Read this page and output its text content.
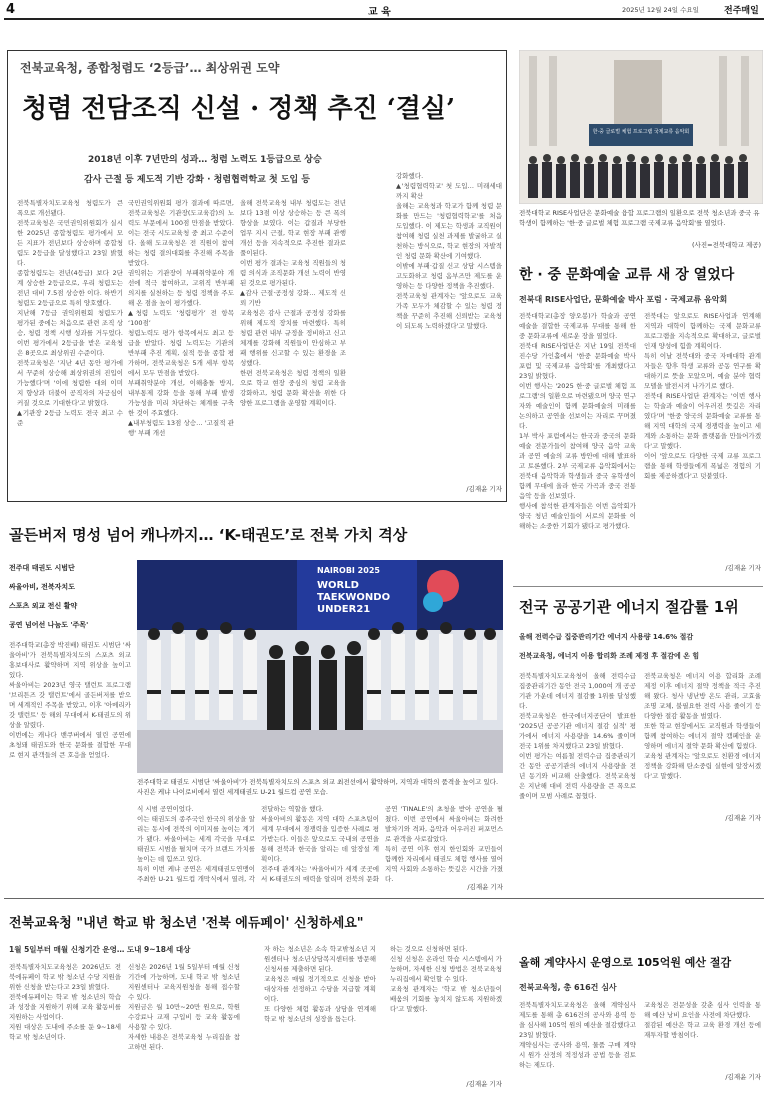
4	교 육	2025년 12월 24일 수요일	전주매일
전북교육청, 종합청렴도 ‘2등급’… 최상위권 도약
청렴 전담조직 신설 · 정책 추진 ‘결실’
2018년 이후 7년만의 성과… 청렴 노력도 1등급으로 상승
감사 근절 등 제도적 기반 강화 · 청렴협력학교 첫 도입 등
전북특별자치도교육청 청렴도가 큰 폭으로 개선됐다.
전북교육청은 국민권익위원회가 실시한 2025년 종합청렴도 평가에서 모든 지표가 전년보다 상승하며 종합청렴도 2등급을 달성했다고 23일 밝혔다.
종합청렴도는 전년(4등급) 보다 2단계 상승한 2등급으로, 우리 청렴도는 전년 대비 7.5점 상승한 이다. 하반기 청렴도 2등급으로 특히 양호했다.
지난해 7등급 권익위원회 청렴도가 평가된 중에는 처음으로 관련 조직 상승, 청렴 정책 시행 성과를 거두었다. 이번 평가에서 2등급을 받은 교육청은 8곳으로 최상위권 수준이다.
전북교육청은 '지난 4년 동안 평가에서 꾸준히 상승해 최상위권의 진입이 가능했다'며 '이에 청렴한 대외 이미지 향상과 더불어 공직자의 자긍심이 커질 것으로 기대한다'고 밝혔다.
▲기관장 2등급 노력도 전국 최고 수준
국민권익위원회 평가 결과에 따르면, 전북교육청은 기관장(도교육감)의 노력도 부문에서 100점 만점을 받았다. 이는 전국 시도교육청 중 최고 수준이다. 올해 도교육청은 전 직원이 참여하는 청렴 결의대회를 추진해 주목을 받았다.
권익위는 기관장이 부패취약분야 개선에 적극 참여하고, 고위직 반부패 의지를 실천하는 등 청렴 정책을 주도해 온 점을 높이 평가했다.
▲청렴 노력도 ‘청렴평가’ 전 항목 ‘100점’
청렴노력도 평가 항목에서도 최고 등급을 받았다. 청렴 노력도는 기관의 반부패 추진 계획, 실적 등을 종합 평가하며, 전북교육청은 5개 세부 항목에서 모두 만점을 받았다.
부패취약분야 개선, 이해충돌 방지, 내부통제 강화 등을 통해 부패 발생 가능성을 미리 차단하는 체계를 구축한 것이 주효했다.
▲내부청렴도 13점 상승… '고질적 관행' 부패 개선
올해 전북교육청 내부 청렴도는 전년보다 13점 이상 상승하는 등 큰 폭의 향상을 보였다. 이는 갑질과 부당한 업무 지시 근절, 학교 현장 부패 관행 개선 등을 지속적으로 추진한 결과로 풀이된다.
이번 평가 결과는 교육청 직원들의 청렴 의식과 조직문화 개선 노력이 반영된 것으로 평가된다.
▲감사 근절·공정성 강화… 제도적 신뢰 기반
교육청은 감사 근절과 공정성 강화를 위해 제도적 장치를 마련했다. 특히 청렴 관련 내부 규정을 정비하고 신고 체계를 강화해 직원들이 안심하고 부패 행위를 신고할 수 있는 환경을 조성했다.
한편 전북교육청은 청렴 정책의 일환으로 학교 현장 중심의 청렴 교육을 강화하고, 청렴 문화 확산을 위한 다양한 프로그램을 운영할 계획이다.
강화했다.
▲'청렴협력학교' 첫 도입… 미래세대까지 확산
올해는 교육청과 학교가 함께 청렴 문화를 만드는 '청렴협력학교'를 처음 도입했다. 이 제도는 학생과 교직원이 참여해 청렴 실천 과제를 발굴하고 실천하는 방식으로, 학교 현장의 자발적인 청렴 문화 확산에 기여했다.
이밖에 부패·갑질 신고 상담 시스템을 고도화하고 청렴 옴부즈만 제도를 운영하는 등 다양한 정책을 추진했다.
전북교육청 관계자는 '앞으로도 교육가족 모두가 체감할 수 있는 청렴 정책을 꾸준히 추진해 신뢰받는 교육청이 되도록 노력하겠다'고 말했다.
/김재윤 기자
한·중 글로벌 체험 프로그램 국제교류 음악회
전북대학교 RISE사업단은 문화예술 융합 프로그램의 일환으로 전북 청소년과 중국 유학생이 함께하는 '한·중 글로벌 체험 프로그램 국제교류 음악회'를 열었다.
(사진=전북대학교 제공)
한 · 중 문화예술 교류 새 장 열었다
전북대 RISE사업단, 문화예술 박사 포럼 · 국제교류 음악회
전북대학교(총장 양오봉)가 학술과 공연예술을 결합한 국제교류 무대를 통해 한중 문화교류에 새로운 장을 열었다.
전북대 RISE사업단은 지난 19일 전북대 진수당 가인홀에서 '한중 문화예술 박사 포럼 및 국제교류 음악회'를 개최했다고 23일 밝혔다.
이번 행사는 '2025 한·중 글로벌 체험 프로그램'의 일환으로 마련됐으며 양국 연구자와 예술인이 함께 문화예술의 미래를 논의하고 공연을 선보이는 자리로 꾸며졌다.
1부 박사 포럼에서는 한국과 중국의 문화예술 전문가들이 참여해 양국 음악 교육과 공연 예술의 교류 방안에 대해 발표하고 토론했다. 2부 국제교류 음악회에서는 전북대 음악학과 학생들과 중국 유학생이 함께 무대에 올라 한국 가곡과 중국 전통 음악 등을 선보였다.
행사에 참석한 관계자들은 이번 음악회가 양국 청년 예술인들이 서로의 문화를 이해하는 소중한 기회가 됐다고 평가했다.
전북대는 앞으로도 RISE사업과 연계해 지역과 대학이 함께하는 국제 문화교류 프로그램을 지속적으로 확대하고, 글로벌 인재 양성에 힘쓸 계획이다.
특히 이날 전북대와 중국 자매대학 관계자들은 향후 학생 교류와 공동 연구를 확대하기로 뜻을 모았으며, 예술 분야 협력 모델을 발전시켜 나가기로 했다.
전북대 RISE사업단 관계자는 '이번 행사는 학술과 예술이 어우러진 뜻깊은 자리였다'며 '한중 양국의 문화예술 교류를 통해 지역 대학의 국제 경쟁력을 높이고 세계와 소통하는 문화 플랫폼을 만들어가겠다'고 말했다.
이어 '앞으로도 다양한 국제 교류 프로그램을 통해 학생들에게 폭넓은 경험의 기회를 제공하겠다'고 덧붙였다.
/김재윤 기자
골든버저 명성 넘어 캐나까지… ‘K-태권도’로 전북 가치 격상
전주대 태권도 시범단
싸울아비, 전북자치도
스포츠 외교 전신 활약
공연 넘어선 나눔도 '주목'
전주대학교(총장 박진배) 태권도 시범단 '싸울아비'가 전북특별자치도의 스포츠 외교 홍보대사로 활약하며 지역 위상을 높이고 있다.
싸울아비는 2023년 영국 탤런트 프로그램 '브리튼즈 갓 탤런트'에서 골든버저를 받으며 세계적인 주목을 받았고, 이후 '아메리카 갓 탤런트' 등 해외 무대에서 K-태권도의 위상을 알렸다.
이번에는 캐나다 밴쿠버에서 열린 공연에 초청돼 태권도와 한국 문화를 결합한 무대로 현지 관객들의 큰 호응을 얻었다.
NAIROBI 2025
WORLD TAEKWONDO UNDER21
전주대학교 태권도 시범단 '싸울아비'가 전북특별자치도의 스포츠 외교 최전선에서 활약하며, 지역과 대학의 품격을 높이고 있다. 사진은 케냐 나이로비에서 열린 세계태권도 U-21 월드컵 공연 모습.
식 시범 공연이었다.
이는 태권도의 종주국인 한국의 위상을 알리는 동시에 전북의 이미지를 높이는 계기가 됐다. 싸울아비는 세계 각국을 무대로 태권도 시범을 펼치며 국가 브랜드 가치를 높이는 데 힘쓰고 있다.
특히 이번 케냐 공연은 세계태권도연맹이 주최한 U-21 월드컵 개막식에서 열려, 각

전달하는 역할을 했다.
싸울아비의 활동은 지역 대학 스포츠팀이 세계 무대에서 경쟁력을 입증한 사례로 평가받는다. 이들은 앞으로도 국내외 공연을 통해 전북과 한국을 알리는 데 앞장설 계획이다.
전주대 관계자는 '싸울아비가 세계 곳곳에서 K-태권도의 매력을 알리며 전북의 문화

공연 'TINALE'의 초청을 받아 공연을 펼쳤다. 이번 공연에서 싸울아비는 화려한 발차기와 격파, 음악과 어우러진 퍼포먼스로 관객을 사로잡았다.
특히 공연 이후 현지 한인회와 교민들이 함께한 자리에서 태권도 체험 행사를 열어 지역 사회와 소통하는 뜻깊은 시간을 가졌다.

/김재윤 기자
전국 공공기관 에너지 절감률 1위
올해 전력수급 집중관리기간 에너지 사용량 14.6% 절감
전북교육청, 에너지 이용 합리화 조례 제정 후 절감에 온 힘
전북특별자치도교육청이 올해 전력수급 집중관리기간 동안 전국 1,000여 개 공공기관 가운데 에너지 절감률 1위를 달성했다.
전북교육청은 한국에너지공단이 발표한 '2025년 공공기관 에너지 절감 실적' 평가에서 에너지 사용량을 14.6% 줄이며 전국 1위를 차지했다고 23일 밝혔다.
이번 평가는 여름철 전력수급 집중관리기간 동안 공공기관의 에너지 사용량을 전년 동기와 비교해 산출했다. 전북교육청은 지난해 대비 전력 사용량을 큰 폭으로 줄이며 모범 사례로 꼽혔다.
전북교육청은 에너지 이용 합리화 조례 제정 이후 에너지 절약 정책을 적극 추진해 왔다. 청사 냉난방 온도 관리, 고효율 조명 교체, 불필요한 전력 사용 줄이기 등 다양한 절감 활동을 벌였다.
또한 학교 현장에서도 교직원과 학생들이 함께 참여하는 에너지 절약 캠페인을 운영하며 에너지 절약 문화 확산에 힘썼다.
교육청 관계자는 '앞으로도 친환경 에너지 정책을 강화해 탄소중립 실현에 앞장서겠다'고 말했다.
/김재윤 기자
전북교육청 "내년 학교 밖 청소년 '전북 에듀페이' 신청하세요"
1월 5일부터 매월 신청기간 운영… 도내 9~18세 대상
전북특별자치도교육청은 2026년도 전북에듀페이 학교 밖 청소년 수당 지원을 위한 신청을 받는다고 23일 밝혔다.
전북에듀페이는 학교 밖 청소년의 학습과 성장을 지원하기 위해 교육 활동비를 지원하는 사업이다.
지원 대상은 도내에 주소를 둔 9~18세 학교 밖 청소년이다.
신청은 2026년 1월 5일부터 매월 신청기간에 가능하며, 도내 학교 밖 청소년 지원센터나 교육지원청을 통해 접수할 수 있다.
지원금은 월 10만~20만 원으로, 학원 수강료나 교재 구입비 등 교육 활동에 사용할 수 있다.
자세한 내용은 전북교육청 누리집을 참고하면 된다.
자 하는 청소년은 소속 학교밖청소년 지원센터나 청소년상담복지센터를 방문해 신청서를 제출하면 된다.
교육청은 매월 정기적으로 신청을 받아 대상자를 선정하고 수당을 지급할 계획이다.
또 다양한 체험 활동과 상담을 연계해 학교 밖 청소년의 성장을 돕는다.
하는 것으로 신청하면 된다.
신청 신청은 온라인 학습 시스템에서 가능하며, 자세한 신청 방법은 전북교육청 누리집에서 확인할 수 있다.
교육청 관계자는 '학교 밖 청소년들이 배움의 기회를 놓치지 않도록 지원하겠다'고 말했다.
/김재윤 기자
올해 계약사시 운영으로 105억원 예산 절감
전북교육청, 총 616건 심사
전북특별자치도교육청은 올해 계약심사 제도를 통해 총 616건의 공사와 용역 등을 심사해 105억 원의 예산을 절감했다고 23일 밝혔다.
계약심사는 공사와 용역, 물품 구매 계약 시 원가 산정의 적정성과 공법 등을 검토하는 제도다.
교육청은 전문성을 갖춘 심사 인력을 통해 예산 낭비 요인을 사전에 차단했다.
절감된 예산은 학교 교육 환경 개선 등에 재투자할 방침이다.
/김재윤 기자
